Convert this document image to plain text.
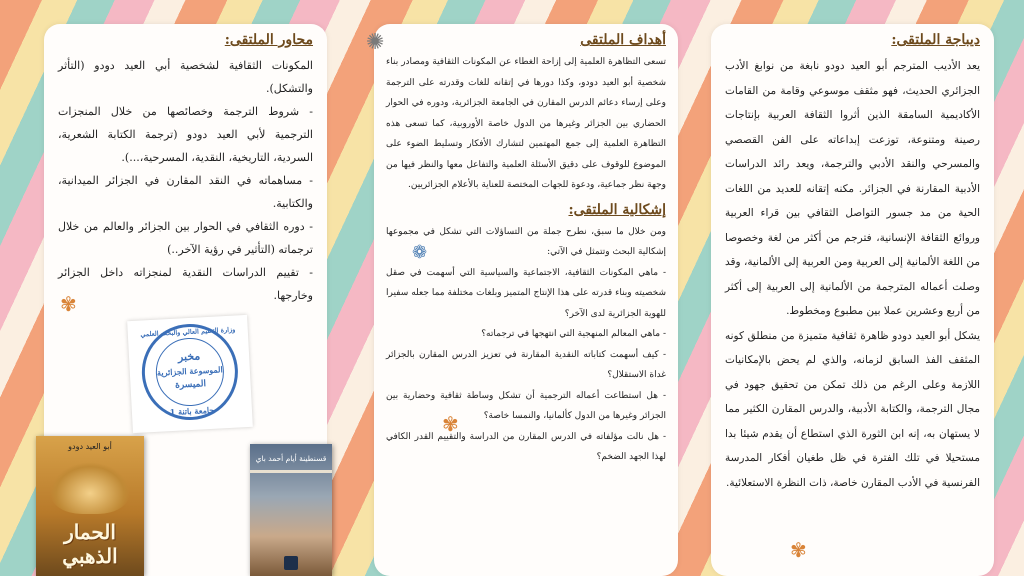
ديباجة الملتقى:

يعد الأديب المترجم أبو العيد دودو نابغة من نوابغ الأدب الجزائري الحديث، فهو مثقف موسوعي وقامة من القامات الأكاديمية السامقة الذين أثروا الثقافة العربية بإنتاجات رصينة ومتنوعة، توزعت إبداعاته على الفن القصصي والمسرحي والنقد الأدبي والترجمة، ويعد رائد الدراسات الأدبية المقارنة في الجزائر. مكنه إتقانه للعديد من اللغات الحية من مد جسور التواصل الثقافي بين قراء العربية وروائع الثقافة الإنسانية، فترجم من أكثر من لغة وخصوصا من اللغة الألمانية إلى العربية ومن العربية إلى الألمانية، وقد وصلت أعماله المترجمة من الألمانية إلى العربية إلى أكثر من أربع وعشرين عملا بين مطبوع ومخطوط.

يشكل أبو العيد دودو ظاهرة ثقافية متميزة من منطلق كونه المثقف الفذ السابق لزمانه، والذي لم يحض بالإمكانيات اللازمة وعلى الرغم من ذلك تمكن من تحقيق جهود في مجال الترجمة، والكتابة الأدبية، والدرس المقارن الكثير مما لا يستهان به، إنه ابن الثورة الذي استطاع أن يقدم شيئا بدا مستحيلا في تلك الفترة في ظل طغيان أفكار المدرسة الفرنسية في الأدب المقارن خاصة، ذات النظرة الاستعلائية.

أهداف الملتقى

تسعى التظاهرة العلمية إلى إزاحة الغطاء عن المكونات الثقافية ومصادر بناء شخصية أبو العيد دودو، وكذا دورها في إتقانه للغات وقدرته على الترجمة وعلى إرساء دعائم الدرس المقارن في الجامعة الجزائرية، ودوره في الحوار الحضاري بين الجزائر وغيرها من الدول خاصة الأوروبية، كما تسعى هذه التظاهرة العلمية إلى جمع المهتمين لتشارك الأفكار وتسليط الضوء على الموضوع للوقوف على دقيق الأسئلة العلمية والتفاعل معها والنظر فيها من وجهة نظر جماعية، ودعوة للجهات المختصة للعناية بالأعلام الجزائريين.

إشكالية الملتقى:

ومن خلال ما سبق، نطرح جملة من التساؤلات التي تشكل في مجموعها إشكالية البحث وتتمثل في الآتي:

- ماهي المكونات الثقافية، الاجتماعية والسياسية التي أسهمت في صقل شخصيته وبناء قدرته على هذا الإنتاج المتميز وبلغات مختلفة مما جعله سفيرا للهوية الجزائرية لدى الآخر؟

- ماهي المعالم المنهجية التي انتهجها في ترجماته؟

- كيف أسهمت كتاباته النقدية المقارنة في تعزيز الدرس المقارن بالجزائر غداة الاستقلال؟

- هل استطاعت أعماله الترجمية أن تشكل وساطة ثقافية وحضارية بين الجزائر وغيرها من الدول كألمانيا، والنمسا خاصة؟

- هل نالت مؤلفاته في الدرس المقارن من الدراسة والتقييم القدر الكافي لهذا الجهد الضخم؟

محاور الملتقى:

المكونات الثقافية لشخصية أبي العيد دودو (التأثر والتشكل).

- شروط الترجمة وخصائصها من خلال المنجزات الترجمية لأبي العيد دودو (ترجمة الكتابة الشعرية، السردية، التاريخية، النقدية، المسرحية،...).

- مساهماته في النقد المقارن في الجزائر الميدانية، والكتابية.

- دوره الثقافي في الحوار بين الجزائر والعالم من خلال ترجماته (التأثير في رؤية الآخر..)

- تقييم الدراسات النقدية لمنجزاته داخل الجزائر وخارجها.

✺
❁
✾
✾
✾
وزارة التعليم العالي والبحث العلمي
مخبر
الموسوعة الجزائرية
الميسرة
جامعة باتنة 1
أبو العيد دودو
الحمار الذهبي
قسنطينة أيام أحمد باي
